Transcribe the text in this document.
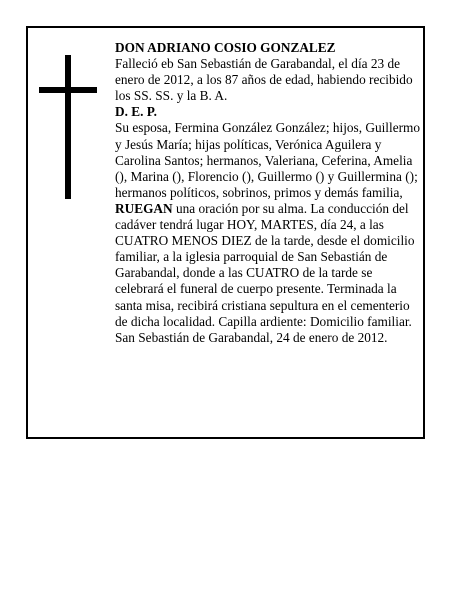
DON ADRIANO COSIO GONZALEZ

Falleció eb San Sebastián de Garabandal, el día 23 de enero de 2012, a los 87 años de edad, habiendo recibido los SS. SS. y la B. A.

D. E. P.

Su esposa, Fermina González González; hijos, Guillermo y Jesús María; hijas políticas, Verónica Aguilera y Carolina Santos; hermanos, Valeriana, Ceferina, Amelia (), Marina (), Florencio (), Guillermo () y Guillermina (); hermanos políticos, sobrinos, primos y demás familia,

RUEGAN una oración por su alma. La conducción del cadáver tendrá lugar HOY, MARTES, día 24, a las CUATRO MENOS DIEZ de la tarde, desde el domicilio familiar, a la iglesia parroquial de San Sebastián de Garabandal, donde a las CUATRO de la tarde se celebrará el funeral de cuerpo presente. Terminada la santa misa, recibirá cristiana sepultura en el cementerio de dicha localidad. Capilla ardiente: Domicilio familiar.

San Sebastián de Garabandal, 24 de enero de 2012.
